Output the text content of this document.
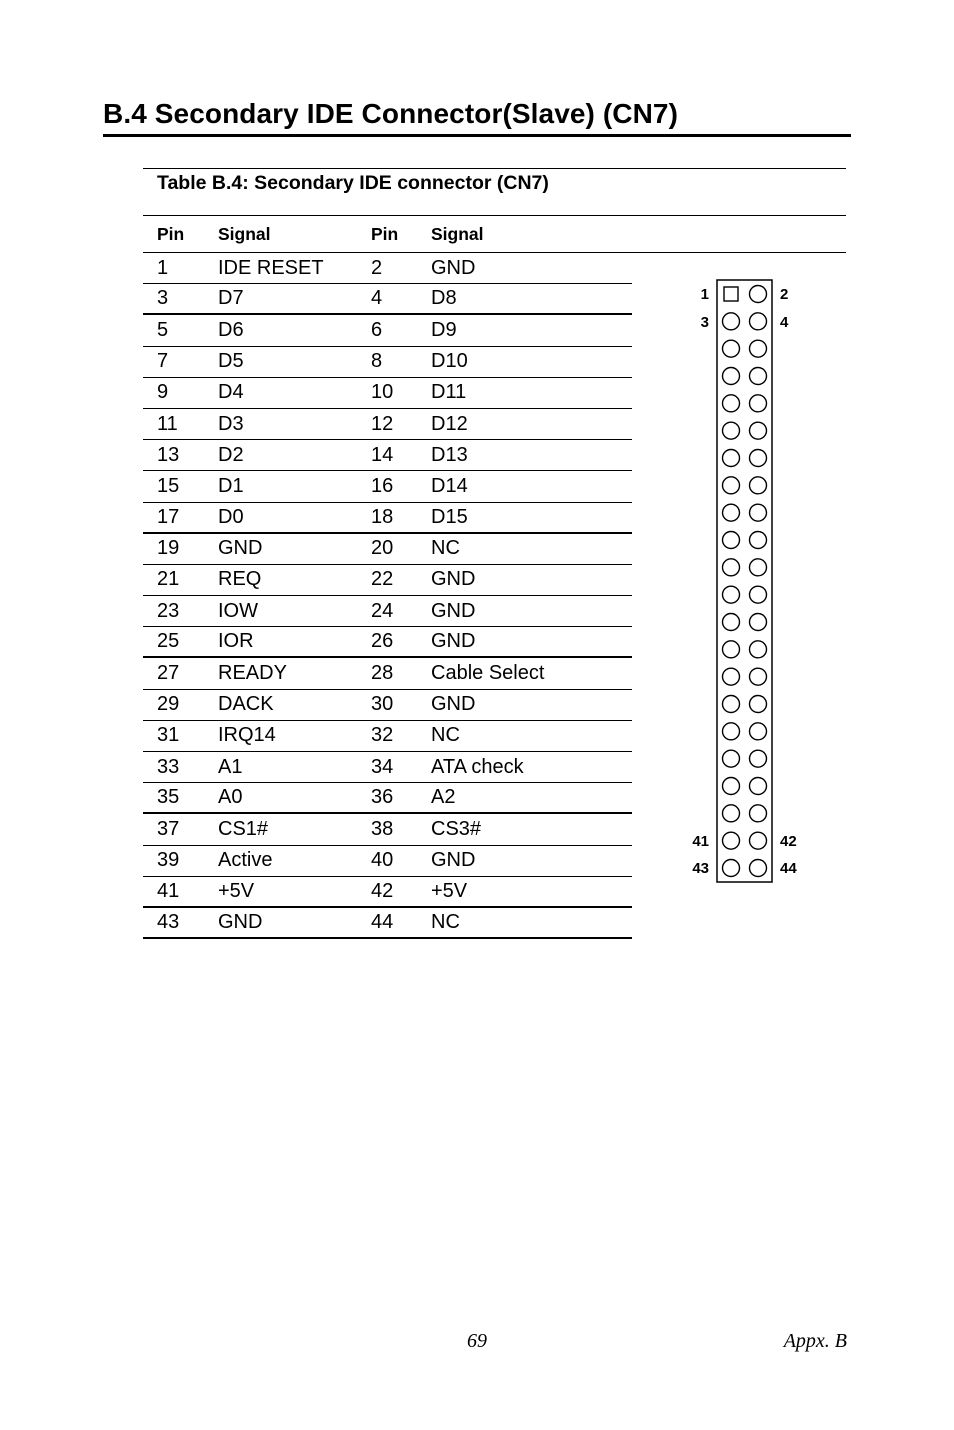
B.4 Secondary IDE Connector(Slave) (CN7)
Table B.4: Secondary IDE connector (CN7)
Pin Signal	Pin Signal
1 IDE RESET 2 GND
3 D7	4 D8
5 D6	6 D9
7 D5	8 D10
9 D4	10 D11
11 D3	12 D12
13 D2	14 D13
15 D1	16 D14
17 D0	18 D15
19 GND	20 NC
21 REQ	22 GND
23 IOW	24 GND
25 IOR	26 GND
27 READY	28 Cable Select
29 DACK	30 GND
31 IRQ14	32 NC
33 A1	34 ATA check
35 A0	36 A2
37 CS1#	38 CS3#
39 Active	40 GND
41 +5V	42 +5V
43 GND	44 NC
1	2
3	4
41	42
43	44
69	Appx. B
